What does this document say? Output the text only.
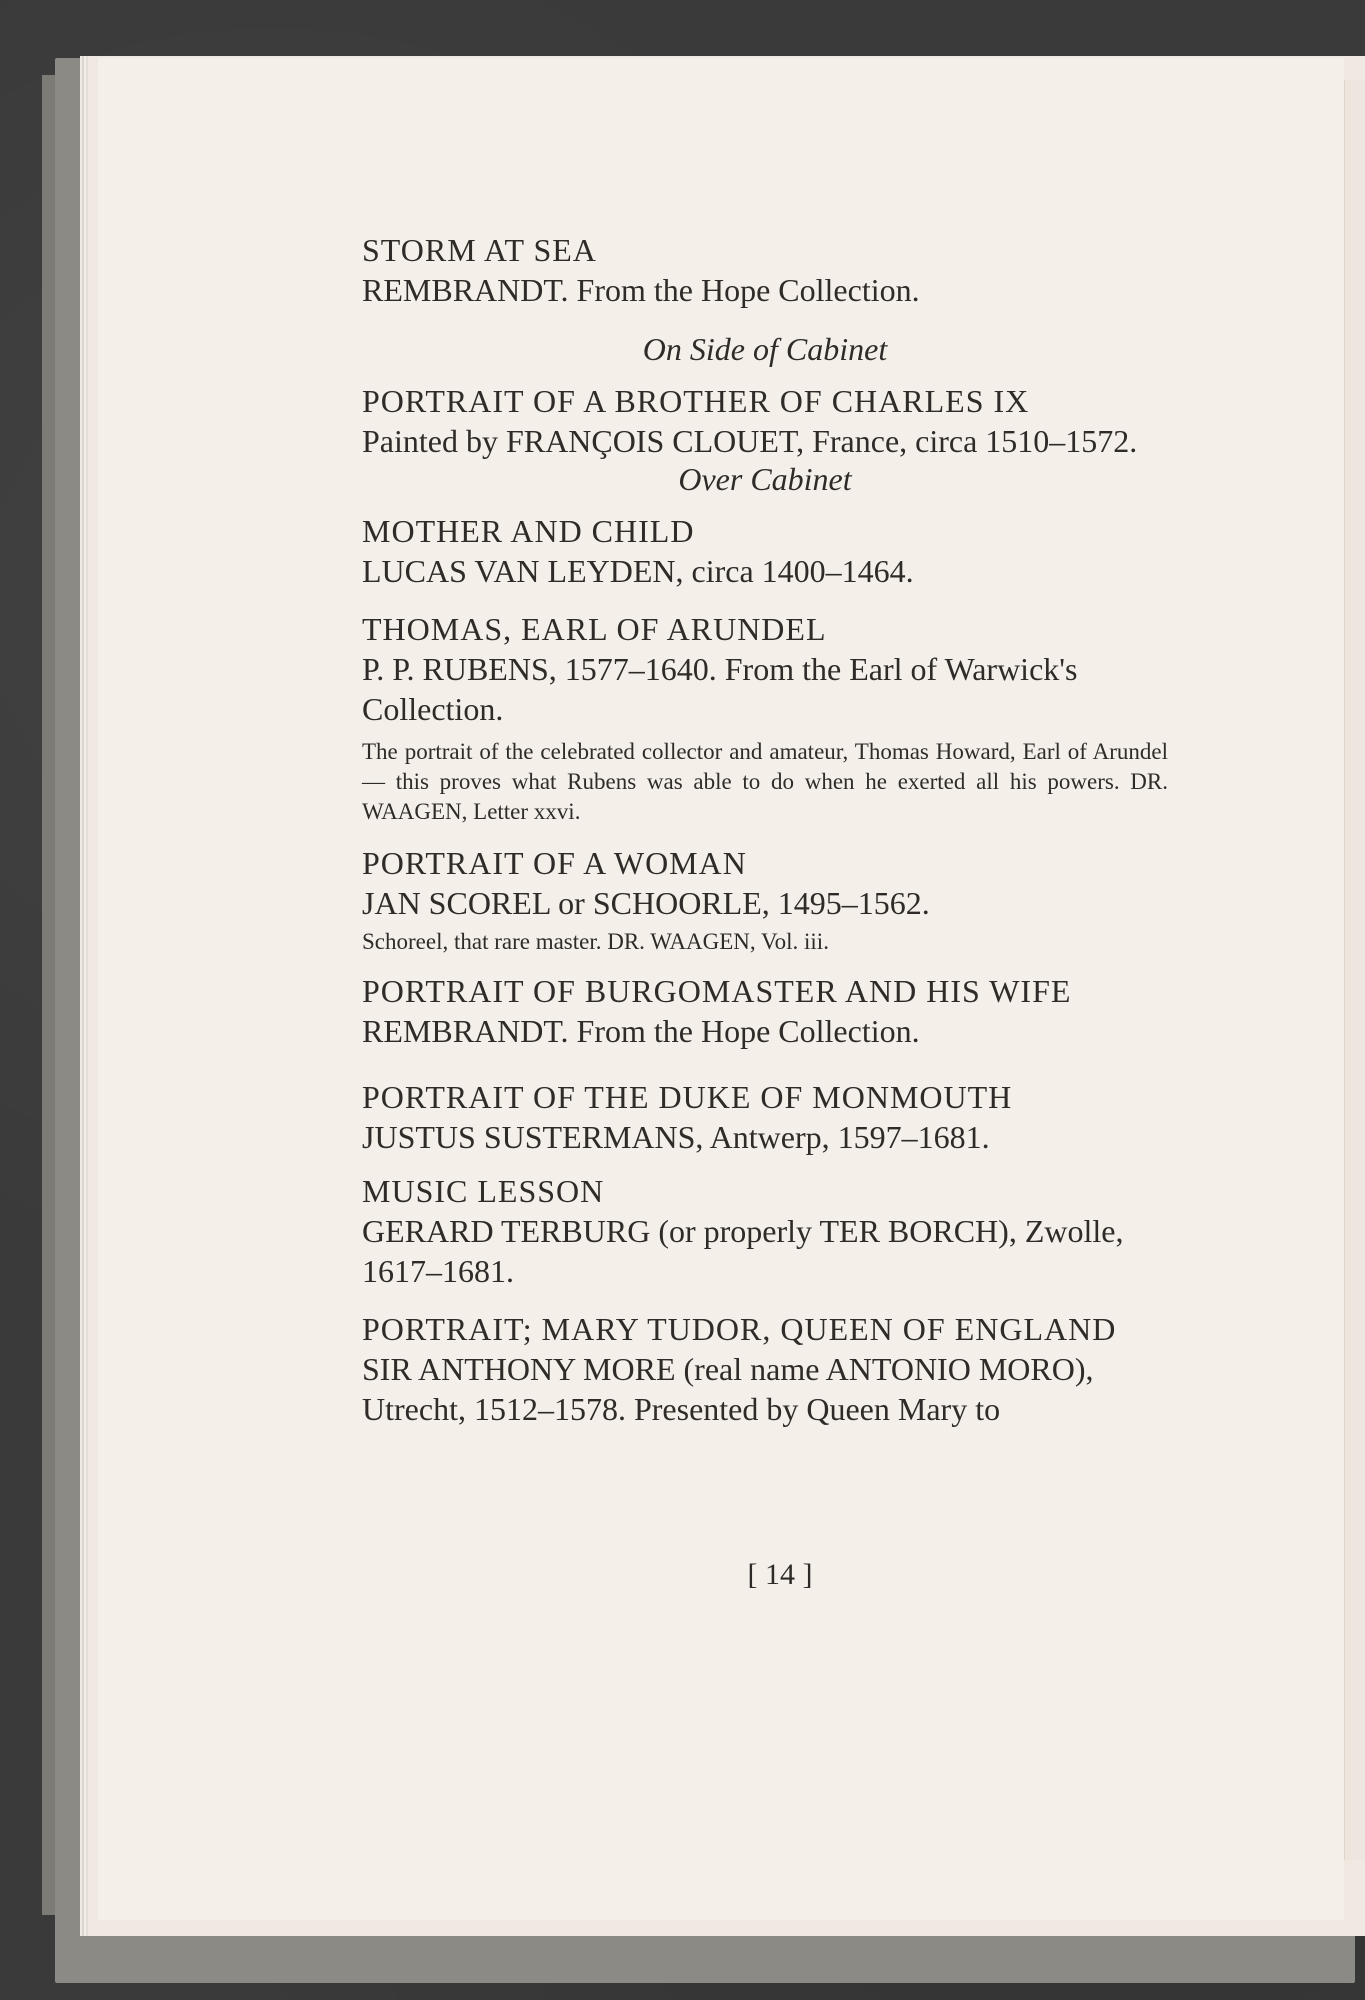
STORM AT SEA

REMBRANDT. From the Hope Collection.

On Side of Cabinet

PORTRAIT OF A BROTHER OF CHARLES IX

Painted by FRANÇOIS CLOUET, France, circa 1510–1572.

Over Cabinet

MOTHER AND CHILD

LUCAS VAN LEYDEN, circa 1400–1464.

THOMAS, EARL OF ARUNDEL

P. P. RUBENS, 1577–1640. From the Earl of Warwick's Collection.

The portrait of the celebrated collector and amateur, Thomas Howard, Earl of Arundel — this proves what Rubens was able to do when he exerted all his powers. DR. WAAGEN, Letter xxvi.

PORTRAIT OF A WOMAN

JAN SCOREL or SCHOORLE, 1495–1562.

Schoreel, that rare master. DR. WAAGEN, Vol. iii.

PORTRAIT OF BURGOMASTER AND HIS WIFE

REMBRANDT. From the Hope Collection.

PORTRAIT OF THE DUKE OF MONMOUTH

JUSTUS SUSTERMANS, Antwerp, 1597–1681.

MUSIC LESSON

GERARD TERBURG (or properly TER BORCH), Zwolle, 1617–1681.

PORTRAIT; MARY TUDOR, QUEEN OF ENGLAND

SIR ANTHONY MORE (real name ANTONIO MORO), Utrecht, 1512–1578. Presented by Queen Mary to

[ 14 ]
